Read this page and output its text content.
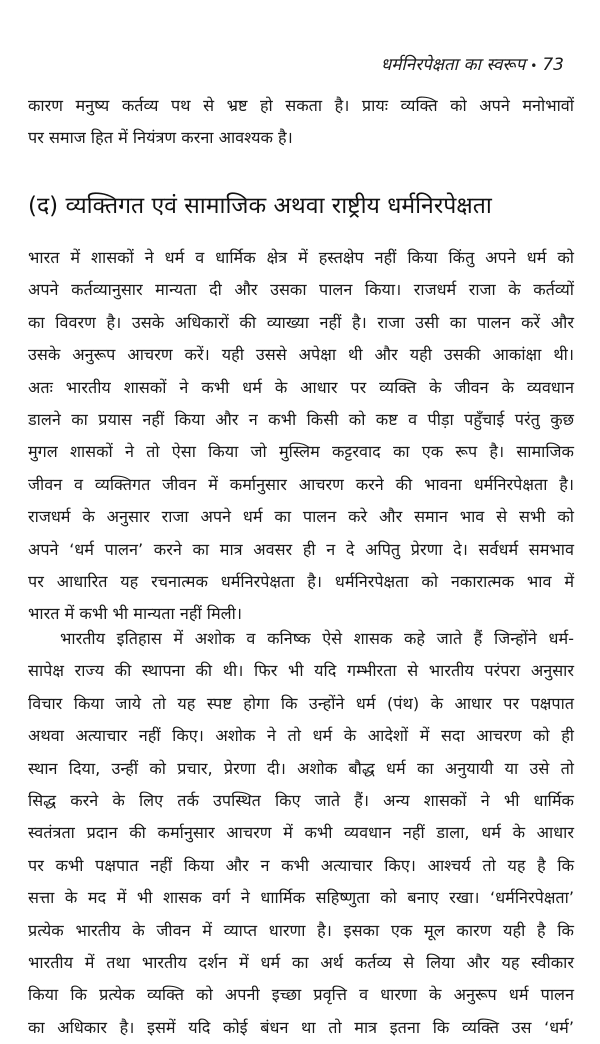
धर्मनिरपेक्षता का स्वरूप • 73
कारण मनुष्य कर्तव्य पथ से भ्रष्ट हो सकता है। प्रायः व्यक्ति को अपने मनोभावों
पर समाज हित में नियंत्रण करना आवश्यक है।
(द) व्यक्तिगत एवं सामाजिक अथवा राष्ट्रीय धर्मनिरपेक्षता
भारत में शासकों ने धर्म व धार्मिक क्षेत्र में हस्तक्षेप नहीं किया किंतु अपने धर्म को
अपने कर्तव्यानुसार मान्यता दी और उसका पालन किया। राजधर्म राजा के कर्तव्यों
का विवरण है। उसके अधिकारों की व्याख्या नहीं है। राजा उसी का पालन करें और
उसके अनुरूप आचरण करें। यही उससे अपेक्षा थी और यही उसकी आकांक्षा थी।
अतः भारतीय शासकों ने कभी धर्म के आधार पर व्यक्ति के जीवन के व्यवधान
डालने का प्रयास नहीं किया और न कभी किसी को कष्ट व पीड़ा पहुँचाई परंतु कुछ
मुगल शासकों ने तो ऐसा किया जो मुस्लिम कट्टरवाद का एक रूप है। सामाजिक
जीवन व व्यक्तिगत जीवन में कर्मानुसार आचरण करने की भावना धर्मनिरपेक्षता है।
राजधर्म के अनुसार राजा अपने धर्म का पालन करे और समान भाव से सभी को
अपने ‘धर्म पालन’ करने का मात्र अवसर ही न दे अपितु प्रेरणा दे। सर्वधर्म समभाव
पर आधारित यह रचनात्मक धर्मनिरपेक्षता है। धर्मनिरपेक्षता को नकारात्मक भाव में
भारत में कभी भी मान्यता नहीं मिली।
भारतीय इतिहास में अशोक व कनिष्क ऐसे शासक कहे जाते हैं जिन्होंने धर्म-
सापेक्ष राज्य की स्थापना की थी। फिर भी यदि गम्भीरता से भारतीय परंपरा अनुसार
विचार किया जाये तो यह स्पष्ट होगा कि उन्होंने धर्म (पंथ) के आधार पर पक्षपात
अथवा अत्याचार नहीं किए। अशोक ने तो धर्म के आदेशों में सदा आचरण को ही
स्थान दिया, उन्हीं को प्रचार, प्रेरणा दी। अशोक बौद्ध धर्म का अनुयायी या उसे तो
सिद्ध करने के लिए तर्क उपस्थित किए जाते हैं। अन्य शासकों ने भी धार्मिक
स्वतंत्रता प्रदान की कर्मानुसार आचरण में कभी व्यवधान नहीं डाला, धर्म के आधार
पर कभी पक्षपात नहीं किया और न कभी अत्याचार किए। आश्चर्य तो यह है कि
सत्ता के मद में भी शासक वर्ग ने धाार्मिक सहिष्णुता को बनाए रखा। ‘धर्मनिरपेक्षता’
प्रत्येक भारतीय के जीवन में व्याप्त धारणा है। इसका एक मूल कारण यही है कि
भारतीय में तथा भारतीय दर्शन में धर्म का अर्थ कर्तव्य से लिया और यह स्वीकार
किया कि प्रत्येक व्यक्ति को अपनी इच्छा प्रवृत्ति व धारणा के अनुरूप धर्म पालन
का अधिकार है। इसमें यदि कोई बंधन था तो मात्र इतना कि व्यक्ति उस ‘धर्म’
